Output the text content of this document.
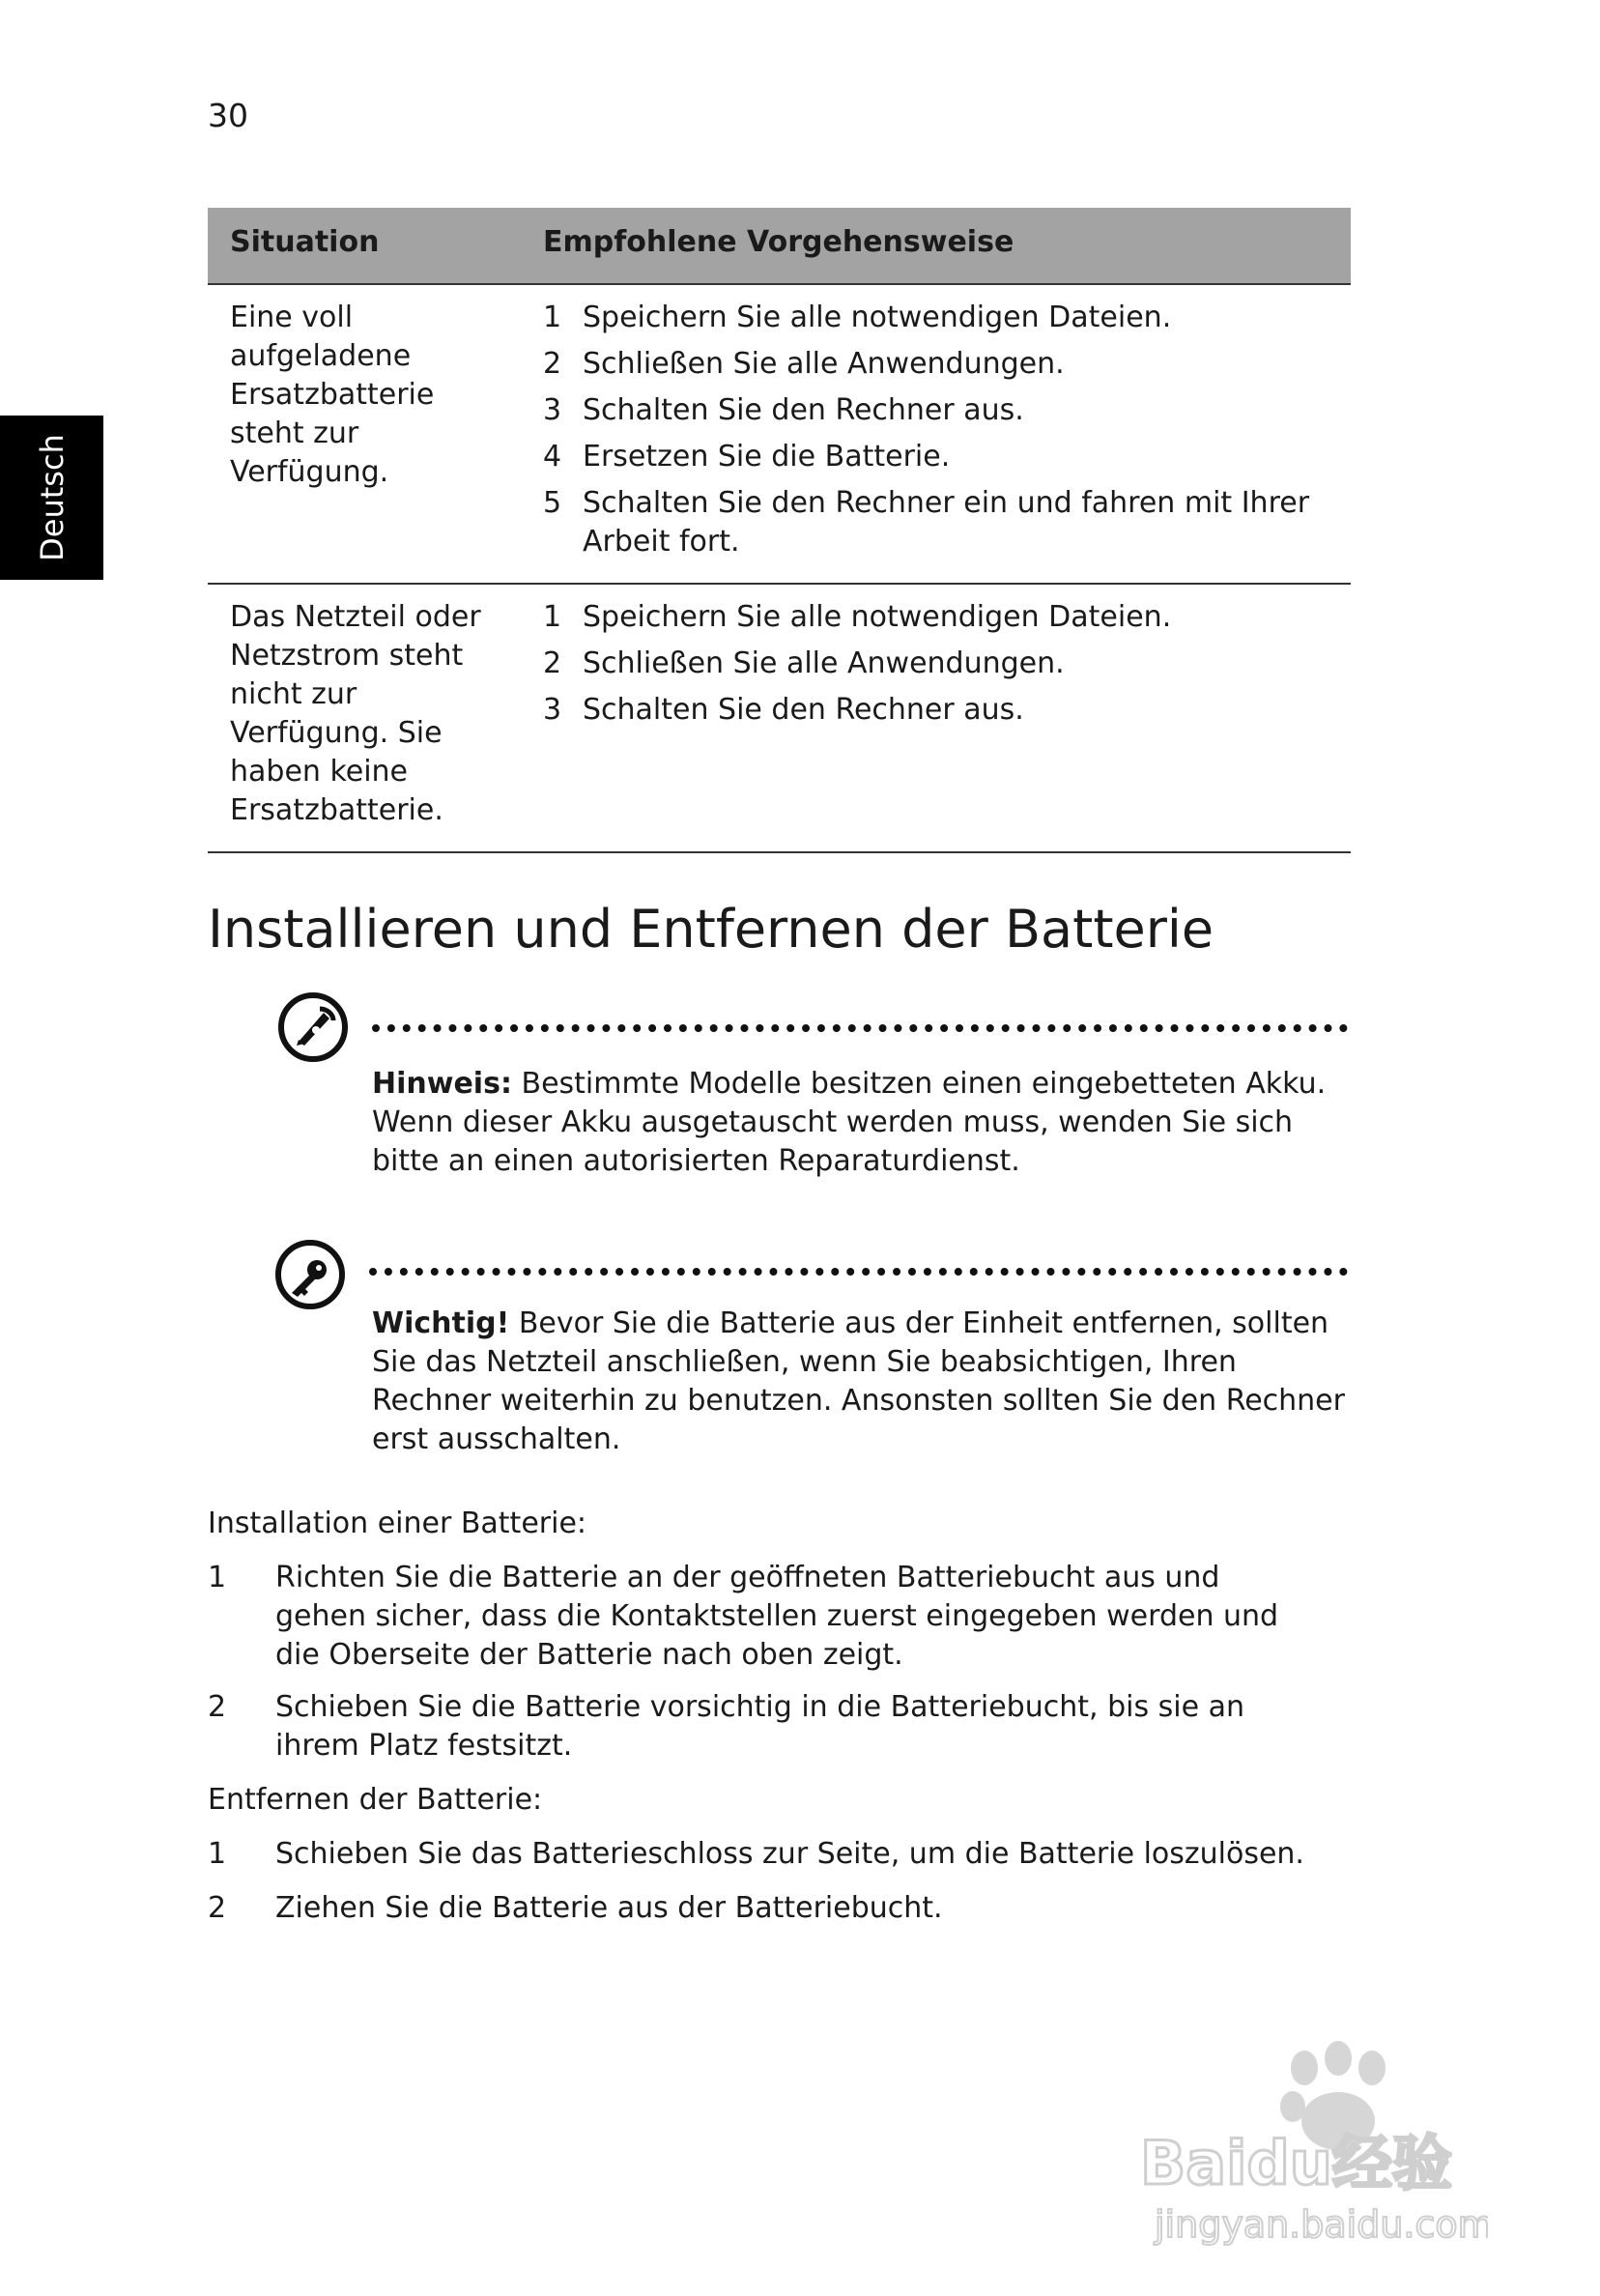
30
Deutsch
Situation	Empfohlene Vorgehensweise
Eine voll aufgeladene Ersatzbatterie steht zur Verfügung.
1 Speichern Sie alle notwendigen Dateien.
2 Schließen Sie alle Anwendungen.
3 Schalten Sie den Rechner aus.
4 Ersetzen Sie die Batterie.
5 Schalten Sie den Rechner ein und fahren mit Ihrer Arbeit fort.
Das Netzteil oder Netzstrom steht nicht zur Verfügung. Sie haben keine Ersatzbatterie.
1 Speichern Sie alle notwendigen Dateien.
2 Schließen Sie alle Anwendungen.
3 Schalten Sie den Rechner aus.
Installieren und Entfernen der Batterie
Hinweis: Bestimmte Modelle besitzen einen eingebetteten Akku. Wenn dieser Akku ausgetauscht werden muss, wenden Sie sich bitte an einen autorisierten Reparaturdienst.
Wichtig! Bevor Sie die Batterie aus der Einheit entfernen, sollten Sie das Netzteil anschließen, wenn Sie beabsichtigen, Ihren Rechner weiterhin zu benutzen. Ansonsten sollten Sie den Rechner erst ausschalten.
Installation einer Batterie:
1 Richten Sie die Batterie an der geöffneten Batteriebucht aus und gehen sicher, dass die Kontaktstellen zuerst eingegeben werden und die Oberseite der Batterie nach oben zeigt.
2 Schieben Sie die Batterie vorsichtig in die Batteriebucht, bis sie an ihrem Platz festsitzt.
Entfernen der Batterie:
1 Schieben Sie das Batterieschloss zur Seite, um die Batterie loszulösen.
2 Ziehen Sie die Batterie aus der Batteriebucht.
Baidu经验
jingyan.baidu.com
